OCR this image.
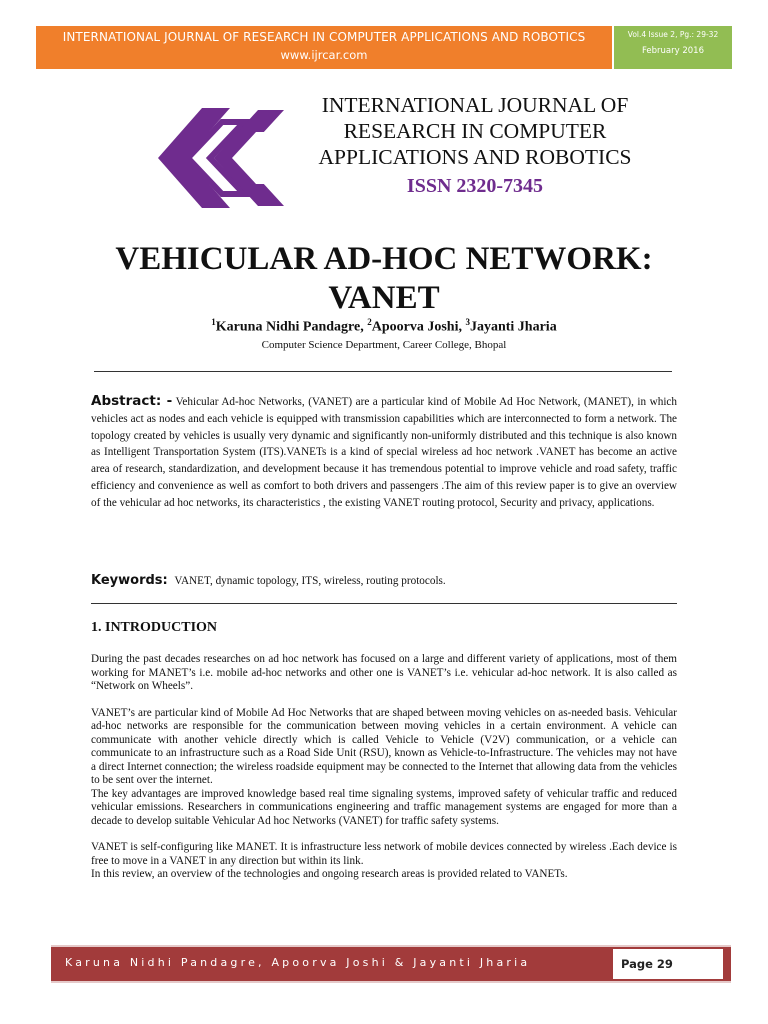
INTERNATIONAL JOURNAL OF RESEARCH IN COMPUTER APPLICATIONS AND ROBOTICS
www.ijrcar.com
Vol.4 Issue 2, Pg.: 29-32
February 2016
INTERNATIONAL JOURNAL OF
RESEARCH IN COMPUTER
APPLICATIONS AND ROBOTICS
ISSN 2320-7345
VEHICULAR AD-HOC NETWORK:
VANET
$^1$Karuna Nidhi Pandagre, $^2$Apoorva Joshi, $^3$Jayanti Jharia
Computer Science Department, Career College, Bhopal
Abstract: - Vehicular Ad-hoc Networks, (VANET) are a particular kind of Mobile Ad Hoc Network, (MANET), in which vehicles act as nodes and each vehicle is equipped with transmission capabilities which are interconnected to form a network. The topology created by vehicles is usually very dynamic and significantly non-uniformly distributed and this technique is also known as Intelligent Transportation System (ITS).VANETs is a kind of special wireless ad hoc network .VANET has become an active area of research, standardization, and development because it has tremendous potential to improve vehicle and road safety, traffic efficiency and convenience as well as comfort to both drivers and passengers .The aim of this review paper is to give an overview of the vehicular ad hoc networks, its characteristics , the existing VANET routing protocol, Security and privacy, applications.
Keywords: VANET, dynamic topology, ITS, wireless, routing protocols.
1. INTRODUCTION

During the past decades researches on ad hoc network has focused on a large and different variety of applications, most of them working for MANET’s i.e. mobile ad-hoc networks and other one is VANET’s i.e. vehicular ad-hoc network. It is also called as “Network on Wheels”.

VANET’s are particular kind of Mobile Ad Hoc Networks that are shaped between moving vehicles on as-needed basis. Vehicular ad-hoc networks are responsible for the communication between moving vehicles in a certain environment. A vehicle can communicate with another vehicle directly which is called Vehicle to Vehicle (V2V) communication, or a vehicle can communicate to an infrastructure such as a Road Side Unit (RSU), known as Vehicle-to-Infrastructure. The vehicles may not have a direct Internet connection; the wireless roadside equipment may be connected to the Internet that allowing data from the vehicles to be sent over the internet.

The key advantages are improved knowledge based real time signaling systems, improved safety of vehicular traffic and reduced vehicular emissions. Researchers in communications engineering and traffic management systems are engaged for more than a decade to develop suitable Vehicular Ad hoc Networks (VANET) for traffic safety systems.

VANET is self-configuring like MANET. It is infrastructure less network of mobile devices connected by wireless .Each device is free to move in a VANET in any direction but within its link.

In this review, an overview of the technologies and ongoing research areas is provided related to VANETs.

Karuna Nidhi Pandagre, Apoorva Joshi & Jayanti Jharia	Page 29
